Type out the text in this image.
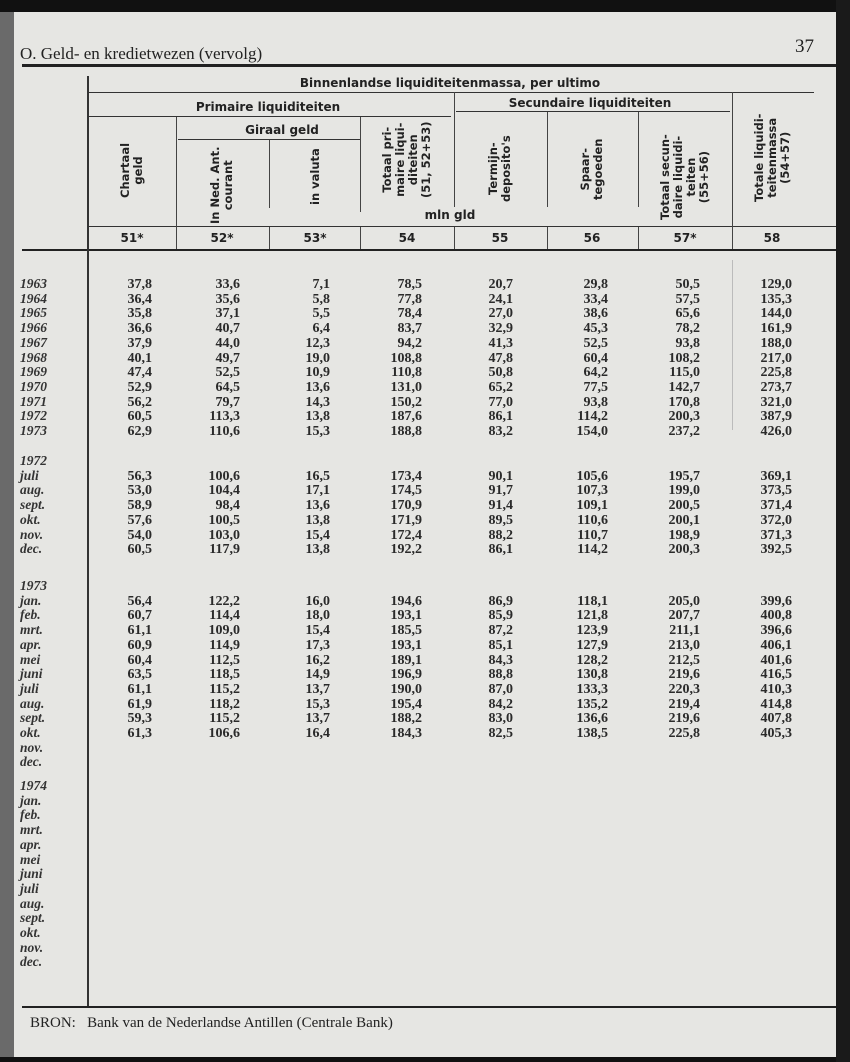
O. Geld- en kredietwezen (vervolg)	37
Binnenlandse liquiditeitenmassa, per ultimo
Primaire liquiditeiten	Secundaire liquiditeiten
Giraal geld
mln gld
Chartaal
geld
In Ned. Ant.
courant	in valuta	Totaal pri-
maire liqui-
diteiten
(51, 52+53)	Termijn-
deposito's	Spaar-
tegoeden
Totaal secun-
daire liquidi-
teiten
(55+56)	Totale liquidi-
teitenmassa
(54+57)
51*	52*	53*	54	55	56	57*	58
1963	37,8	33,6	7,1	78,5	20,7	29,8	50,5	129,0
1964	36,4	35,6	5,8	77,8	24,1	33,4	57,5	135,3
1965	35,8	37,1	5,5	78,4	27,0	38,6	65,6	144,0
1966	36,6	40,7	6,4	83,7	32,9	45,3	78,2	161,9
1967	37,9	44,0	12,3	94,2	41,3	52,5	93,8	188,0
1968	40,1	49,7	19,0	108,8	47,8	60,4	108,2	217,0
1969	47,4	52,5	10,9	110,8	50,8	64,2	115,0	225,8
1970	52,9	64,5	13,6	131,0	65,2	77,5	142,7	273,7
1971	56,2	79,7	14,3	150,2	77,0	93,8	170,8	321,0
1972	60,5	113,3	13,8	187,6	86,1	114,2	200,3	387,9
1973	62,9	110,6	15,3	188,8	83,2	154,0	237,2	426,0
1972
juli	56,3	100,6	16,5	173,4	90,1	105,6	195,7	369,1
aug.	53,0	104,4	17,1	174,5	91,7	107,3	199,0	373,5
sept.	58,9	98,4	13,6	170,9	91,4	109,1	200,5	371,4
okt.	57,6	100,5	13,8	171,9	89,5	110,6	200,1	372,0
nov.	54,0	103,0	15,4	172,4	88,2	110,7	198,9	371,3
dec.	60,5	117,9	13,8	192,2	86,1	114,2	200,3	392,5
1973
jan.	56,4	122,2	16,0	194,6	86,9	118,1	205,0	399,6
feb.	60,7	114,4	18,0	193,1	85,9	121,8	207,7	400,8
mrt.	61,1	109,0	15,4	185,5	87,2	123,9	211,1	396,6
apr.	60,9	114,9	17,3	193,1	85,1	127,9	213,0	406,1
mei	60,4	112,5	16,2	189,1	84,3	128,2	212,5	401,6
juni	63,5	118,5	14,9	196,9	88,8	130,8	219,6	416,5
juli	61,1	115,2	13,7	190,0	87,0	133,3	220,3	410,3
aug.	61,9	118,2	15,3	195,4	84,2	135,2	219,4	414,8
sept.	59,3	115,2	13,7	188,2	83,0	136,6	219,6	407,8
okt.	61,3	106,6	16,4	184,3	82,5	138,5	225,8	405,3
nov.
dec.
1974
jan.
feb.
mrt.
apr.
mei
juni
juli
aug.
sept.
okt.
nov.
dec.
BRON: Bank van de Nederlandse Antillen (Centrale Bank)
